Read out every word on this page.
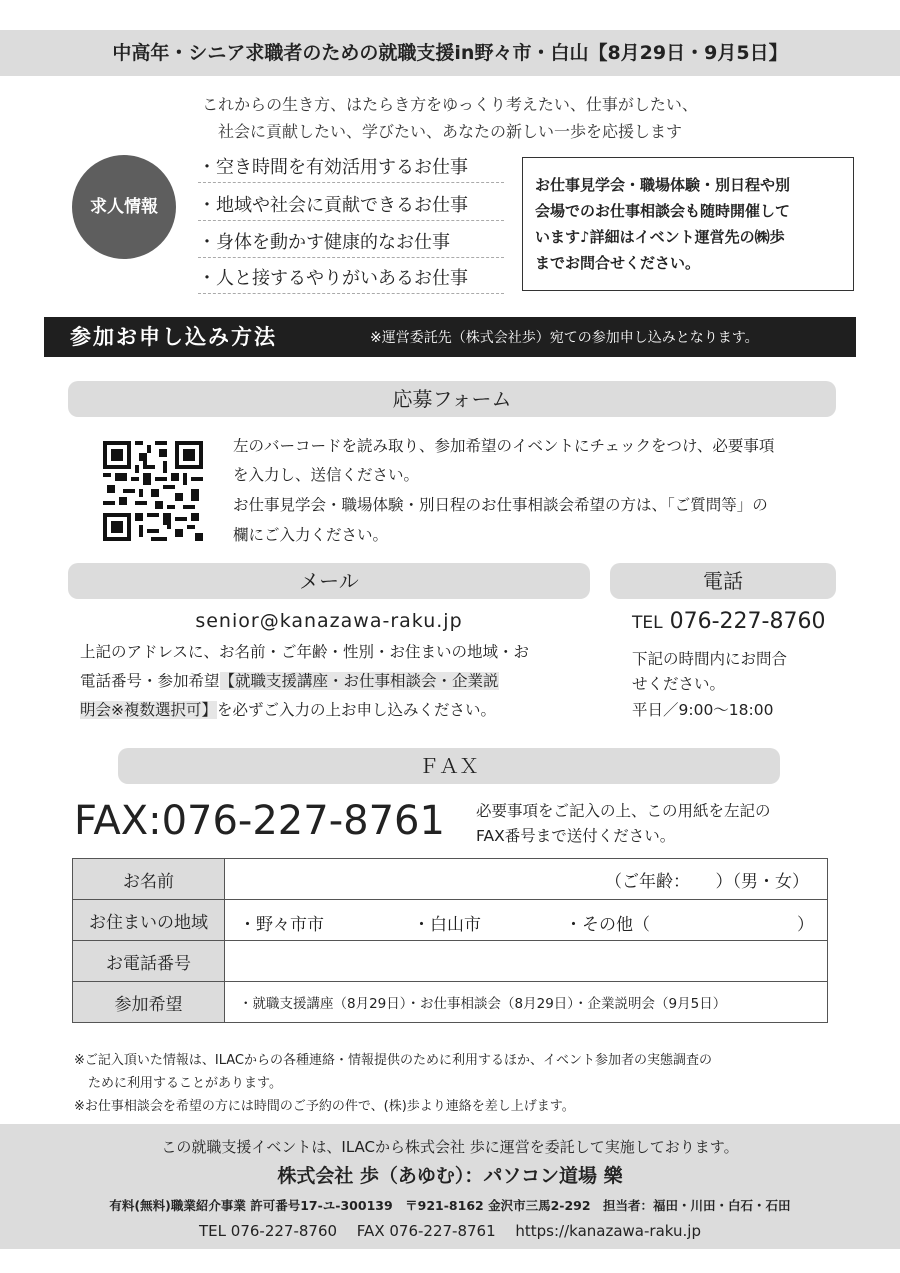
中高年・シニア求職者のための就職支援in野々市・白山【8月29日・9月5日】
これからの生き方、はたらき方をゆっくり考えたい、仕事がしたい、
社会に貢献したい、学びたい、あなたの新しい一歩を応援します
求人情報
・空き時間を有効活用するお仕事
・地域や社会に貢献できるお仕事
・身体を動かす健康的なお仕事
・人と接するやりがいあるお仕事
お仕事見学会・職場体験・別日程や別
会場でのお仕事相談会も随時開催して
います♪詳細はイベント運営先の㈱歩
までお問合せください。
参加お申し込み方法	※運営委託先（株式会社歩）宛ての参加申し込みとなります。
応募フォーム
左のバーコードを読み取り、参加希望のイベントにチェックをつけ、必要事項
を入力し、送信ください。
お仕事見学会・職場体験・別日程のお仕事相談会希望の方は、「ご質問等」の
欄にご入力ください。
メール
senior@kanazawa-raku.jp
上記のアドレスに、お名前・ご年齢・性別・お住まいの地域・お
電話番号・参加希望【就職支援講座・お仕事相談会・企業説
明会※複数選択可】を必ずご入力の上お申し込みください。
電話
TEL 076-227-8760
下記の時間内にお問合
せください。
平日／9:00〜18:00
ＦＡＸ
FAX:076-227-8761 必要事項をご記入の上、この用紙を左記の
FAX番号まで送付ください。
お名前	（ご年齢：　　）（男・女）
お住まいの地域	・野々市市 ・白山市 ・その他（ ）

お電話番号	
参加希望	・就職支援講座（8月29日）・お仕事相談会（8月29日）・企業説明会（9月5日）
※ご記入頂いた情報は、ILACからの各種連絡・情報提供のために利用するほか、イベント参加者の実態調査の
ために利用することがあります。
※お仕事相談会を希望の方には時間のご予約の件で、(株)歩より連絡を差し上げます。
この就職支援イベントは、ILACから株式会社 歩に運営を委託して実施しております。
株式会社 歩（あゆむ）：パソコン道場 樂
有料(無料)職業紹介事業 許可番号17-ユ-300139　〒921-8162 金沢市三馬2-292　担当者：福田・川田・白石・石田
TEL 076-227-8760　 FAX 076-227-8761　 https://kanazawa-raku.jp
